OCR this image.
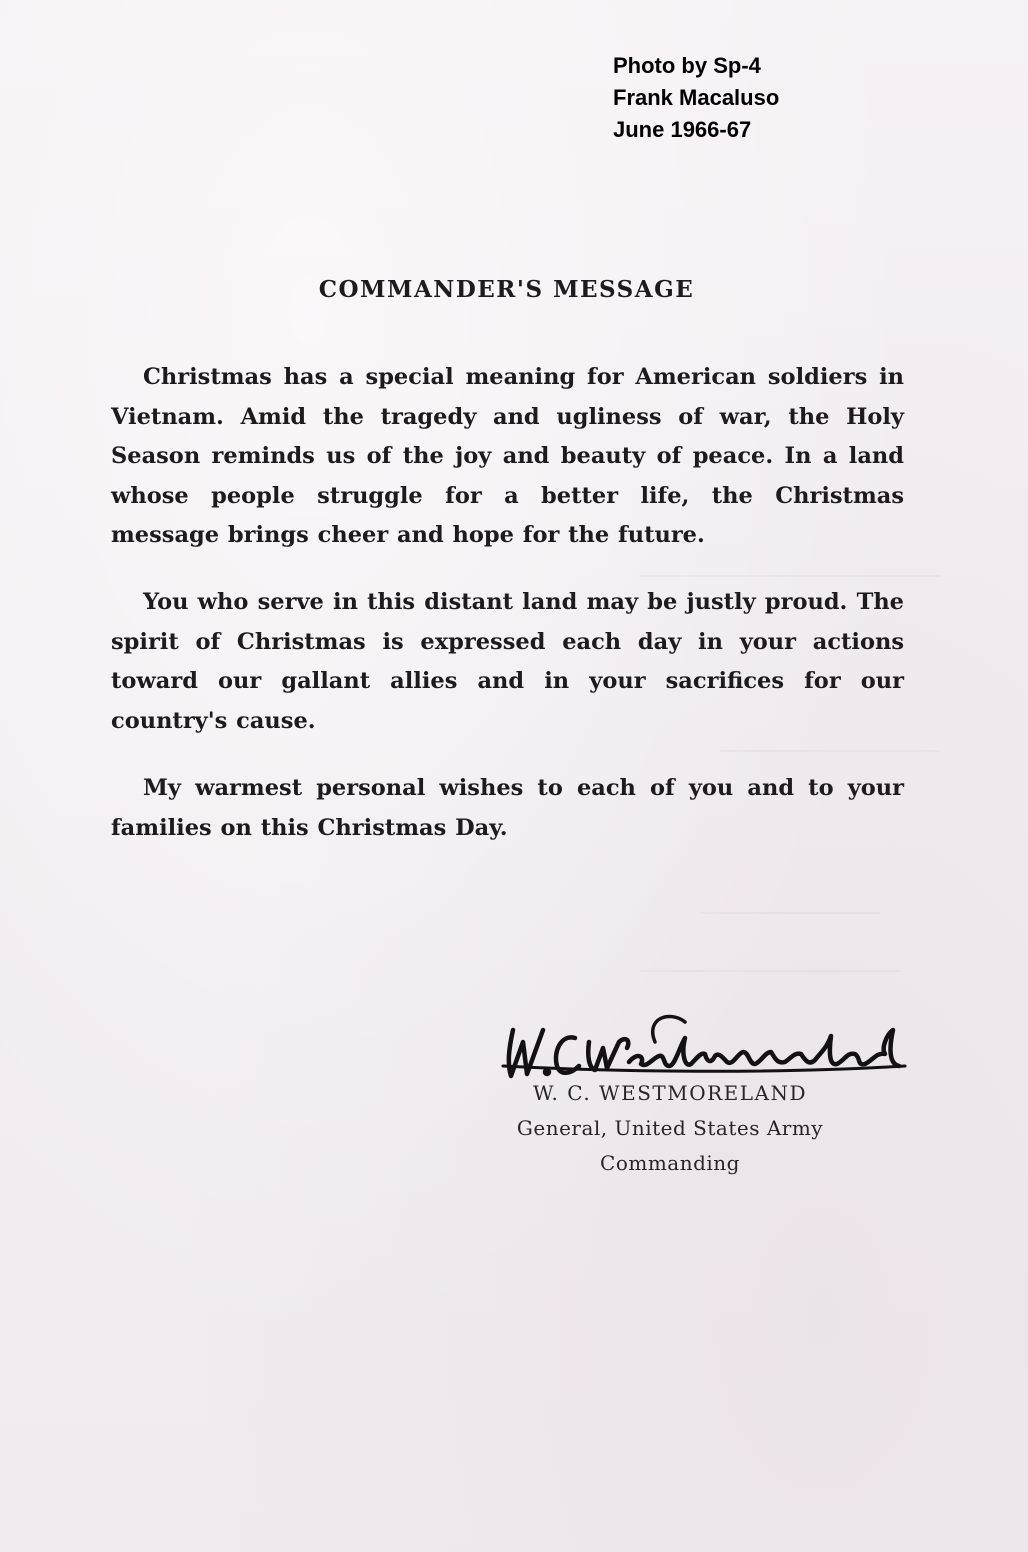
Photo by Sp-4
Frank Macaluso
June 1966-67
COMMANDER'S MESSAGE
Christmas has a special meaning for American soldiers in Vietnam. Amid the tragedy and ugliness of war, the Holy Season reminds us of the joy and beauty of peace. In a land whose people struggle for a better life, the Christmas message brings cheer and hope for the future.
You who serve in this distant land may be justly proud. The spirit of Christmas is expressed each day in your actions toward our gallant allies and in your sacrifices for our country's cause.
My warmest personal wishes to each of you and to your families on this Christmas Day.
W. C. WESTMORELAND
General, United States Army
Commanding
